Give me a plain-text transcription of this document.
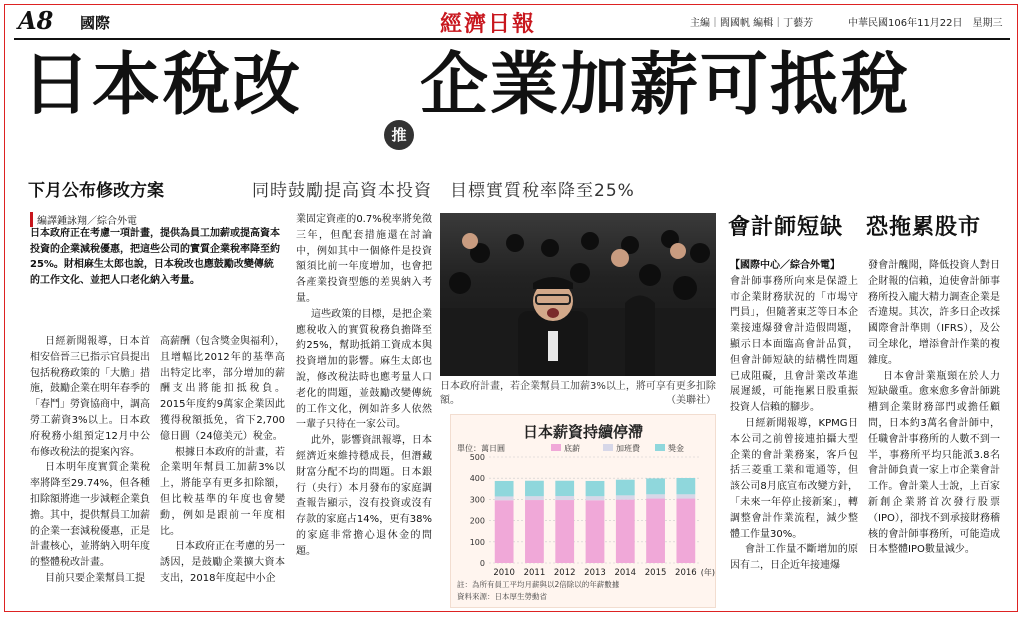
A8 國際	經濟日報	主編｜閻國帆 編輯｜丁藝芳	中華民國106年11月22日　星期三
日本稅改
推
企業加薪可抵稅
下月公布修改方案	同時鼓勵提高資本投資　目標實質稅率降至25%
編譯鍾詠翔／綜合外電
日本政府正在考慮一項計畫，提供為員工加薪或提高資本投資的企業減稅優惠，把這些公司的實質企業稅率降至約25%。財相麻生太郎也說，日本稅改也應鼓勵改變傳統的工作文化、並把人口老化納入考量。

日經新聞報導，日本首相安倍晉三已指示官員提出包括稅務政策的「大膽」措施，鼓勵企業在明年春季的「春鬥」勞資協商中，調高勞工薪資3%以上。日本政府稅務小組預定12月中公布修改稅法的提案內容。

日本明年度實質企業稅率將降至29.74%，但各種扣除額將進一步減輕企業負擔。其中，提供幫員工加薪的企業一套減稅優惠，正是計畫核心，並將納入明年度的整體稅改計畫。

目前只要企業幫員工提

高薪酬（包含獎金與福利），且增幅比2012年的基準高出特定比率，部分增加的薪酬支出將能扣抵稅負。2015年度約9萬家企業因此獲得稅額抵免，省下2,700億日圓（24億美元）稅金。

根據日本政府的計畫，若企業明年幫員工加薪3%以上，將能享有更多扣除額，但比較基準的年度也會變動，例如是跟前一年度相比。

日本政府正在考慮的另一誘因，是鼓勵企業擴大資本支出，2018年度起中小企

業固定資產的0.7%稅率將免徵三年，但配套措施還在討論中，例如其中一個條件是投資額須比前一年度增加，也會把各產業投資型態的差異納入考量。

這些政策的目標，是把企業應稅收入的實質稅務負擔降至約25%，幫助抵銷工資成本與投資增加的影響。麻生太郎也說，修改稅法時也應考量人口老化的問題，並鼓勵改變傳統的工作文化，例如許多人依然一輩子只待在一家公司。

此外，影響資訊報導，日本經濟近來維持穩成長，但潛藏財富分配不均的問題。日本銀行（央行）本月發布的家庭調查報告顯示，沒有投資或沒有存款的家庭占14%，更有38%的家庭非常擔心退休金的問題。

日本政府計畫，若企業幫員工加薪3%以上，將可享有更多扣除額。	（美聯社）
日本薪資持續停滯
單位：萬日圓	底薪	加班費	獎金
0
100
200
300
400
500
2010 2011 2012 2013 2014 2015 2016 (年)
註：為所有員工平均月薪與以2倍除以的年薪數據
資料來源：日本厚生勞動省
會計師短缺 恐拖累股市

【國際中心／綜合外電】

會計師事務所向來是保證上市企業財務狀況的「市場守門員」，但隨著東芝等日本企業接連爆發會計造假問題，顯示日本面臨高會計品質，但會計師短缺的結構性問題已成阻礙，且會計業改革進展遲緩，可能拖累日股重振投資人信賴的腳步。

日經新聞報導，KPMG日本公司之前曾接連拍攝大型企業的會計業務案，客戶包括三菱重工業和電通等，但該公司8月底宣布改變方針，「未來一年停止接新案」，轉調整會計作業流程，減少整體工作量30%。

會計工作量不斷增加的原因有二，日企近年接連爆

發會計醜聞，降低投資人對日企財報的信賴，迫使會計師事務所投入龐大精力調查企業是否違規。其次，許多日企改採國際會計準則（IFRS），及公司全球化，增添會計作業的複雜度。

日本會計業瓶頸在於人力短缺嚴重。愈來愈多會計師跳槽到企業財務部門或擔任顧問，日本約3萬名會計師中，任職會計事務所的人數不到一半，事務所平均只能派3.8名會計師負責一家上市企業會計工作。會計業人士說，上百家新創企業將首次發行股票（IPO），卻找不到承接財務稽核的會計師事務所，可能造成日本整體IPO數量減少。
